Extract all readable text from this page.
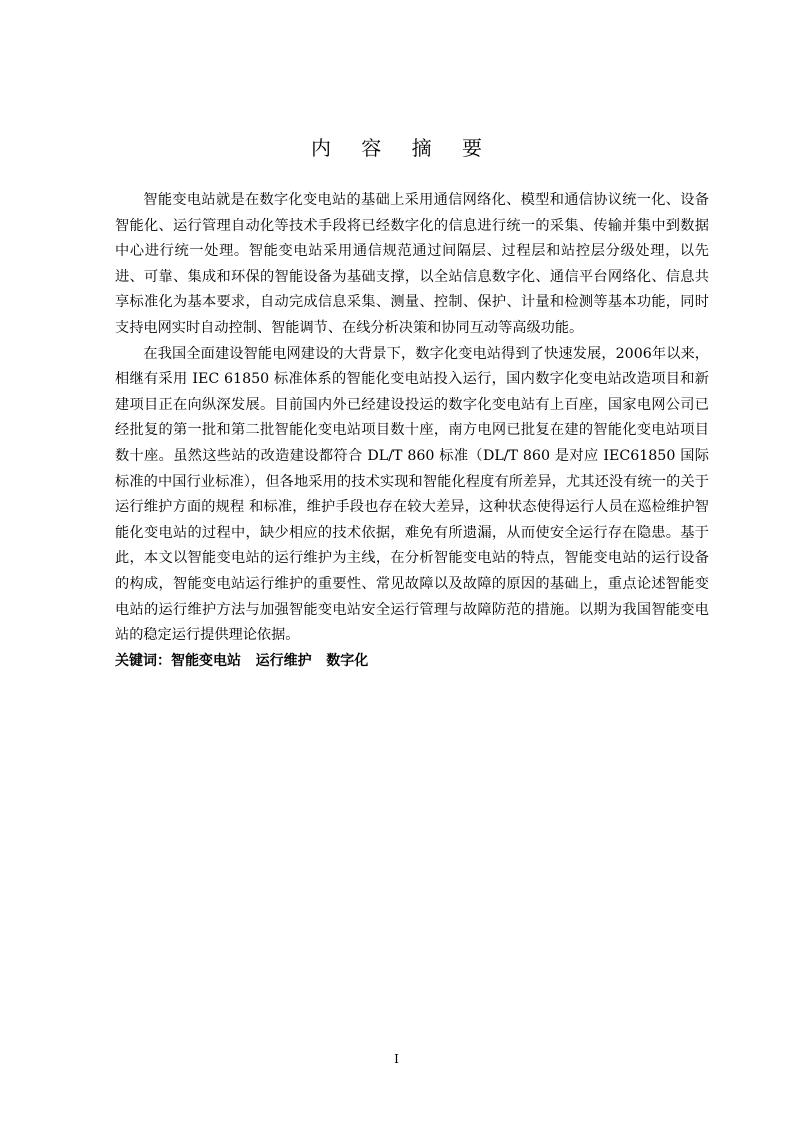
内 容 摘 要

智能变电站就是在数字化变电站的基础上采用通信网络化、模型和通信协议统一化、设备智能化、运行管理自动化等技术手段将已经数字化的信息进行统一的采集、传输并集中到数据中心进行统一处理。智能变电站采用通信规范通过间隔层、过程层和站控层分级处理，以先进、可靠、集成和环保的智能设备为基础支撑，以全站信息数字化、通信平台网络化、信息共享标准化为基本要求，自动完成信息采集、测量、控制、保护、计量和检测等基本功能，同时支持电网实时自动控制、智能调节、在线分析决策和协同互动等高级功能。

在我国全面建设智能电网建设的大背景下，数字化变电站得到了快速发展，2006年以来，相继有采用 IEC 61850 标准体系的智能化变电站投入运行，国内数字化变电站改造项目和新建项目正在向纵深发展。目前国内外已经建设投运的数字化变电站有上百座，国家电网公司已经批复的第一批和第二批智能化变电站项目数十座，南方电网已批复在建的智能化变电站项目数十座。虽然这些站的改造建设都符合 DL/T 860 标准（DL/T 860 是对应 IEC61850 国际标准的中国行业标准），但各地采用的技术实现和智能化程度有所差异，尤其还没有统一的关于运行维护方面的规程 和标准，维护手段也存在较大差异，这种状态使得运行人员在巡检维护智能化变电站的过程中，缺少相应的技术依据，难免有所遗漏，从而使安全运行存在隐患。基于此，本文以智能变电站的运行维护为主线，在分析智能变电站的特点，智能变电站的运行设备的构成，智能变电站运行维护的重要性、常见故障以及故障的原因的基础上，重点论述智能变电站的运行维护方法与加强智能变电站安全运行管理与故障防范的措施。以期为我国智能变电站的稳定运行提供理论依据。

关键词：智能变电站   运行维护   数字化

I
